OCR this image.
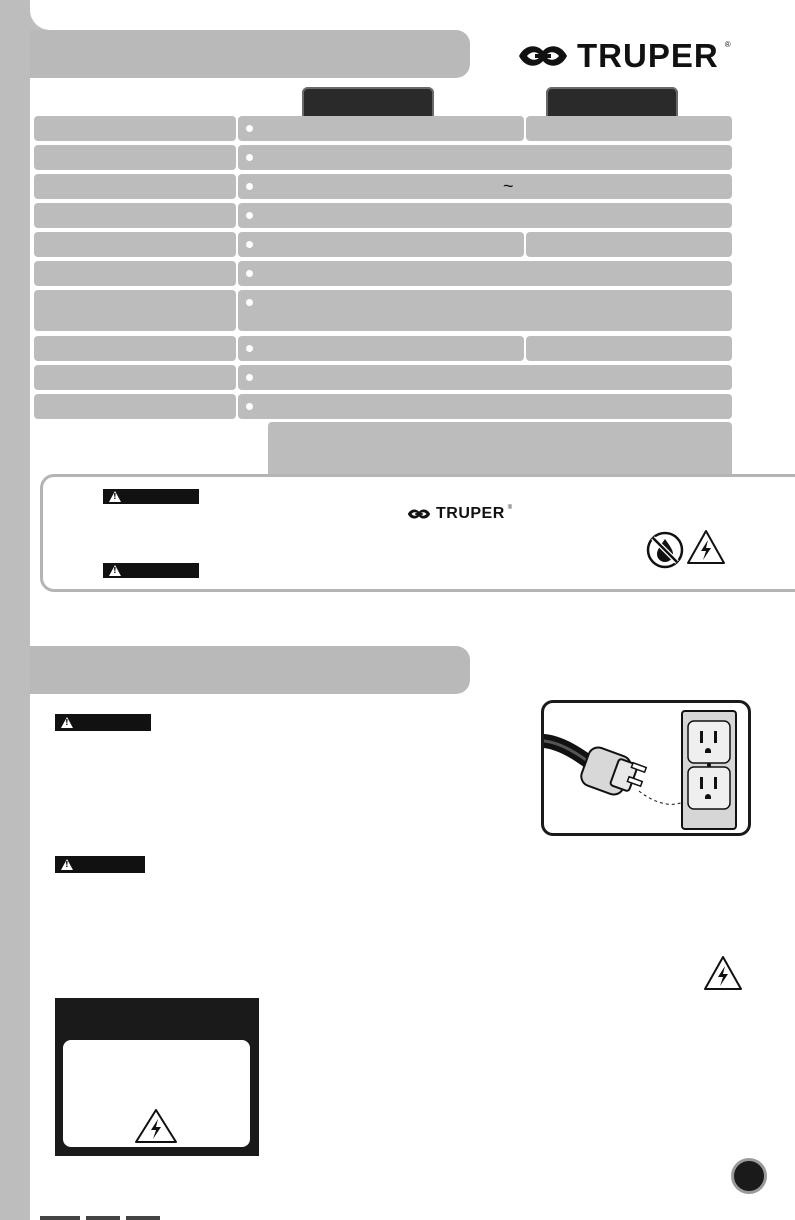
TRUPER ®
~
!
!
TRUPER ®
!
!
